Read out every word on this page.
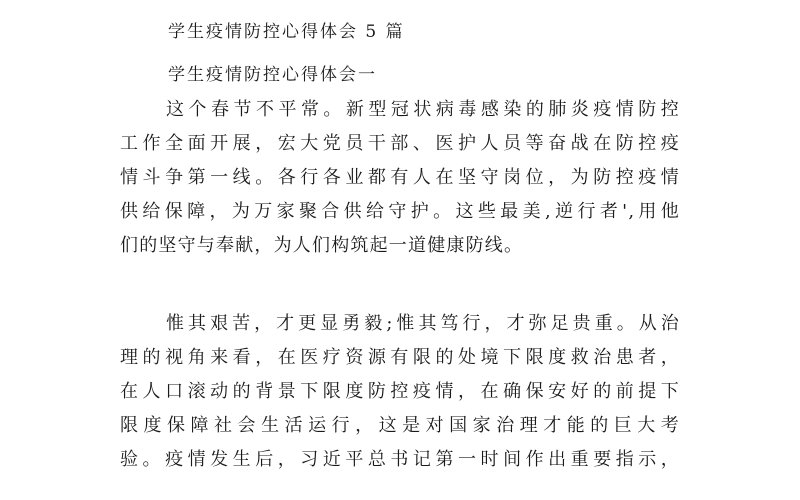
学生疫情防控心得体会 5 篇
学生疫情防控心得体会一
这个春节不平常。新型冠状病毒感染的肺炎疫情防控
工作全面开展，宏大党员干部、医护人员等奋战在防控疫
情斗争第一线。各行各业都有人在坚守岗位，为防控疫情
供给保障，为万家聚合供给守护。这些最美,逆行者',用他
们的坚守与奉献，为人们构筑起一道健康防线。
惟其艰苦，才更显勇毅;惟其笃行，才弥足贵重。从治
理的视角来看，在医疗资源有限的处境下限度救治患者，
在人口滚动的背景下限度防控疫情，在确保安好的前提下
限度保障社会生活运行，这是对国家治理才能的巨大考
验。疫情发生后，习近平总书记第一时间作出重要指示，
